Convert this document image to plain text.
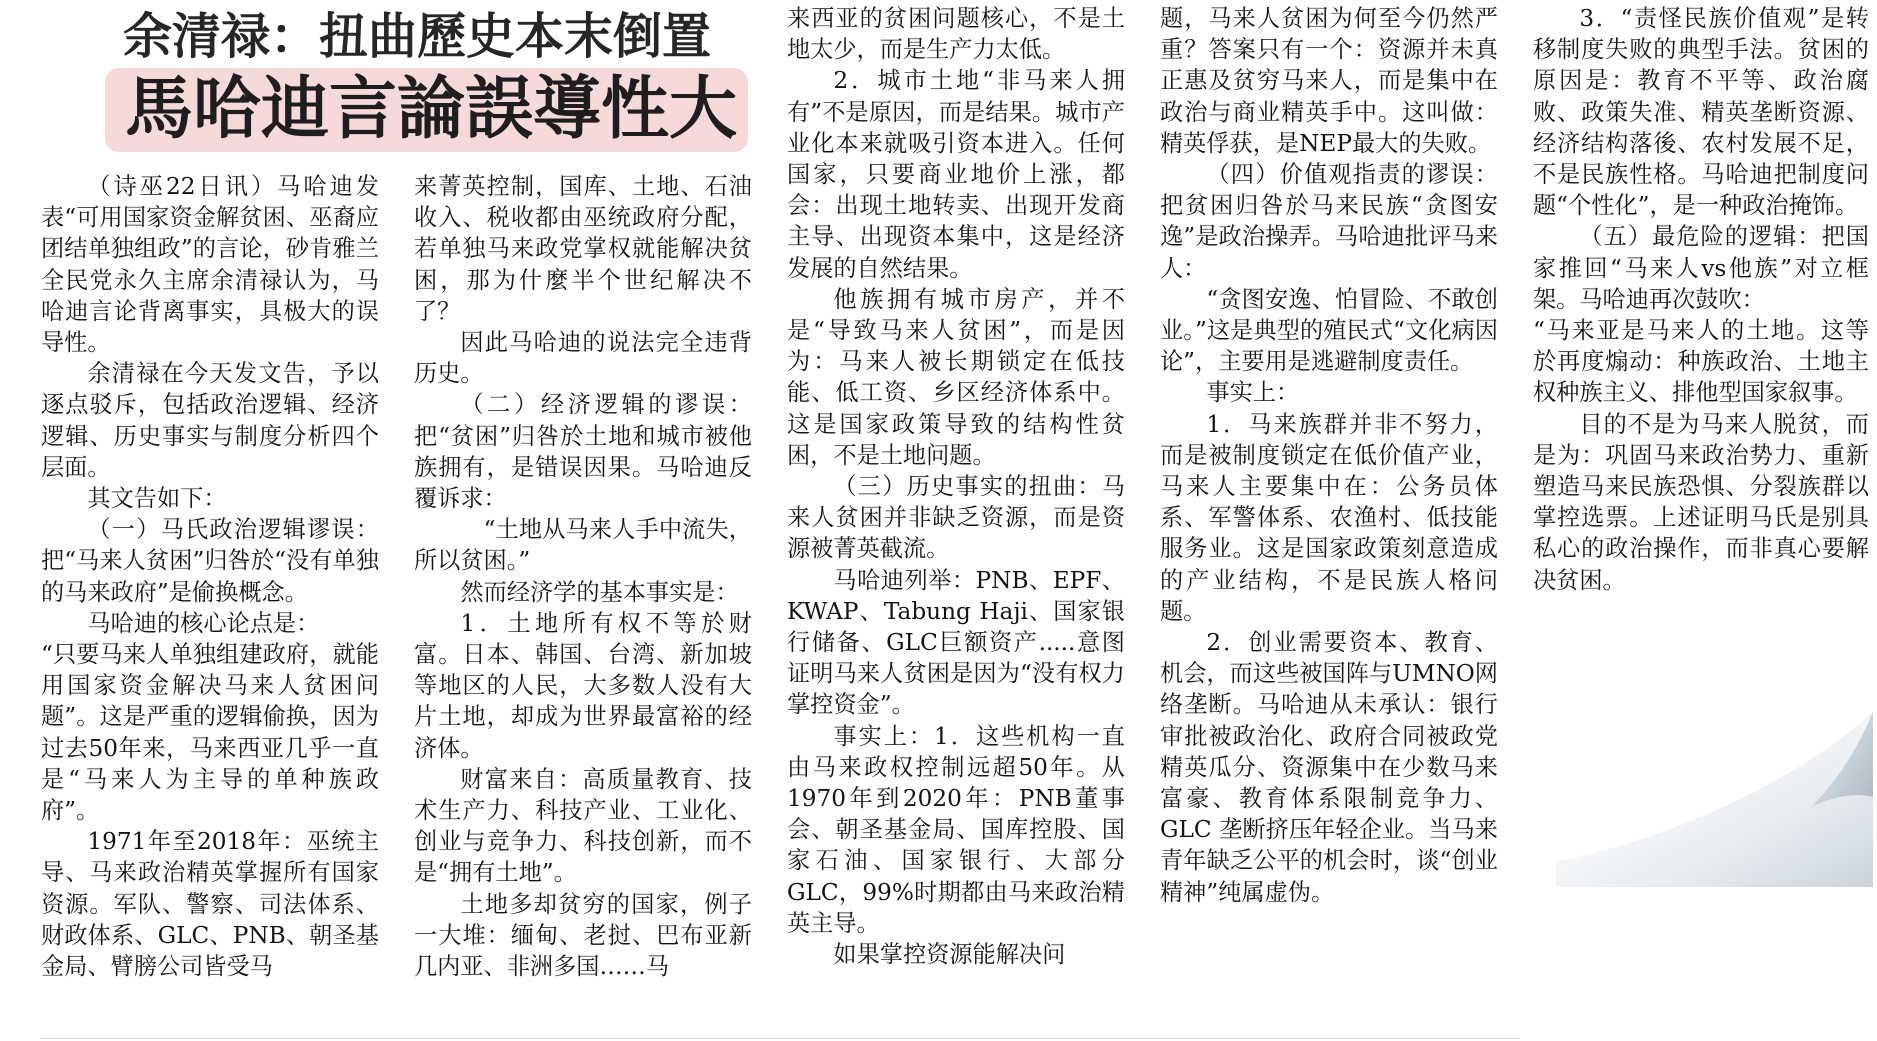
余清禄：扭曲歷史本末倒置
馬哈迪言論誤導性大

（诗巫22日讯）马哈迪发表“可用国家资金解贫困、巫裔应团结单独组政”的言论，砂肯雅兰全民党永久主席余清禄认为，马哈迪言论背离事实，具极大的误导性。

余清禄在今天发文告，予以逐点驳斥，包括政治逻辑、经济逻辑、历史事实与制度分析四个层面。

其文告如下：

（一）马氏政治逻辑谬误：把“马来人贫困”归咎於“没有单独的马来政府”是偷换概念。

马哈迪的核心论点是：

“只要马来人单独组建政府，就能用国家资金解决马来人贫困问题”。这是严重的逻辑偷换，因为过去50年来，马来西亚几乎一直是“马来人为主导的单种族政府”。

1971年至2018年：巫统主导、马来政治精英掌握所有国家资源。军队、警察、司法体系、财政体系、GLC、PNB、朝圣基金局、臂膀公司皆受马

来菁英控制，国库、土地、石油收入、税收都由巫统政府分配，若单独马来政党掌权就能解决贫困，那为什麼半个世纪解决不了？

因此马哈迪的说法完全违背历史。

（二）经济逻辑的谬误：把“贫困”归咎於土地和城市被他族拥有，是错误因果。马哈迪反覆诉求：

“土地从马来人手中流失，所以贫困。”

然而经济学的基本事实是：

1．土地所有权不等於财富。日本、韩国、台湾、新加坡等地区的人民，大多数人没有大片土地，却成为世界最富裕的经济体。

财富来自：高质量教育、技术生产力、科技产业、工业化、创业与竞争力、科技创新，而不是“拥有土地”。

土地多却贫穷的国家，例子一大堆：缅甸、老挝、巴布亚新几内亚、非洲多国……马

来西亚的贫困问题核心，不是土地太少，而是生产力太低。

2．城市土地“非马来人拥有”不是原因，而是结果。城市产业化本来就吸引资本进入。任何国家，只要商业地价上涨，都会：出现土地转卖、出现开发商主导、出现资本集中，这是经济发展的自然结果。

他族拥有城市房产，并不是“导致马来人贫困”，而是因为：马来人被长期锁定在低技能、低工资、乡区经济体系中。这是国家政策导致的结构性贫困，不是土地问题。

（三）历史事实的扭曲：马来人贫困并非缺乏资源，而是资源被菁英截流。

马哈迪列举：PNB、EPF、KWAP、Tabung Haji、国家银行储备、GLC巨额资产.....意图证明马来人贫困是因为“没有权力掌控资金”。

事实上：1．这些机构一直由马来政权控制远超50年。从1970年到2020年：PNB董事会、朝圣基金局、国库控股、国家石油、国家银行、大部分GLC，99%时期都由马来政治精英主导。

如果掌控资源能解决问

题，马来人贫困为何至今仍然严重？答案只有一个：资源并未真正惠及贫穷马来人，而是集中在政治与商业精英手中。这叫做：精英俘获，是NEP最大的失败。

（四）价值观指责的谬误：把贫困归咎於马来民族“贪图安逸”是政治操弄。马哈迪批评马来人：

“贪图安逸、怕冒险、不敢创业。”这是典型的殖民式“文化病因论”，主要用是逃避制度责任。

事实上：

1．马来族群并非不努力，而是被制度锁定在低价值产业，马来人主要集中在：公务员体系、军警体系、农渔村、低技能服务业。这是国家政策刻意造成的产业结构，不是民族人格问题。

2．创业需要资本、教育、机会，而这些被国阵与UMNO网络垄断。马哈迪从未承认：银行审批被政治化、政府合同被政党精英瓜分、资源集中在少数马来富豪、教育体系限制竞争力、GLC 垄断挤压年轻企业。当马来青年缺乏公平的机会时，谈“创业精神”纯属虚伪。

3．“责怪民族价值观”是转移制度失败的典型手法。贫困的原因是：教育不平等、政治腐败、政策失准、精英垄断资源、经济结构落後、农村发展不足，不是民族性格。马哈迪把制度问题“个性化”，是一种政治掩饰。

（五）最危险的逻辑：把国家推回“马来人vs他族”对立框架。马哈迪再次鼓吹：

“马来亚是马来人的土地。这等於再度煽动：种族政治、土地主权种族主义、排他型国家叙事。

目的不是为马来人脱贫，而是为：巩固马来政治势力、重新塑造马来民族恐惧、分裂族群以掌控选票。上述证明马氏是别具私心的政治操作，而非真心要解决贫困。
